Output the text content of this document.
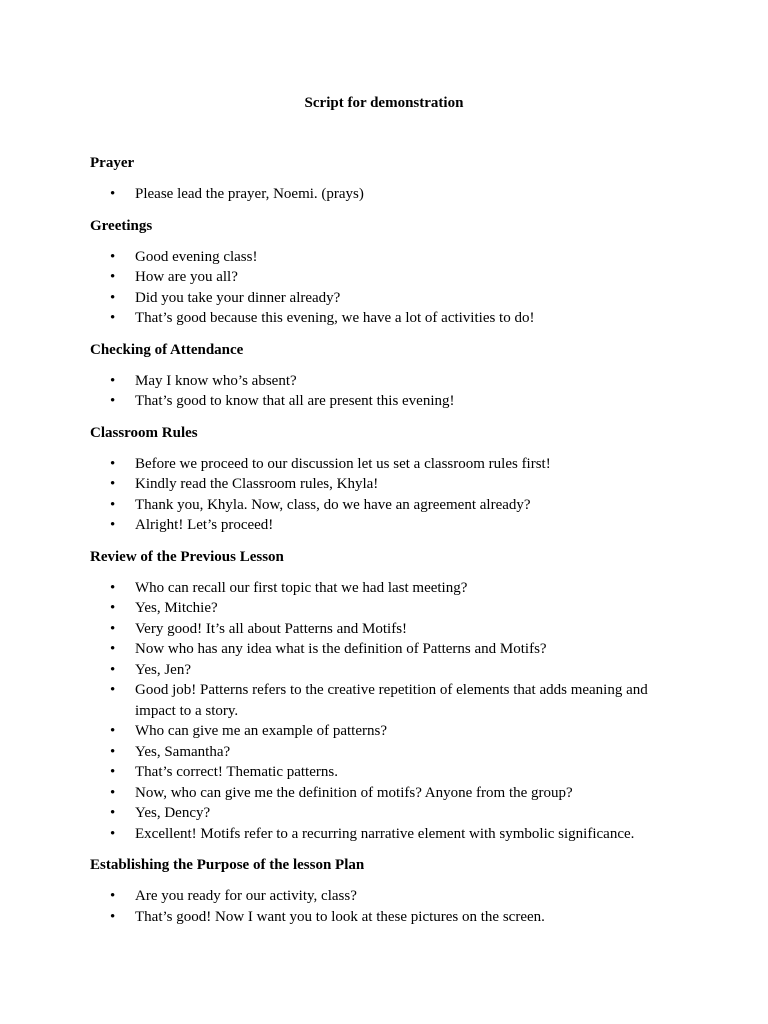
Script for demonstration
Prayer
• Please lead the prayer, Noemi. (prays)
Greetings
• Good evening class!
• How are you all?
• Did you take your dinner already?
• That’s good because this evening, we have a lot of activities to do!
Checking of Attendance
• May I know who’s absent?
• That’s good to know that all are present this evening!
Classroom Rules
• Before we proceed to our discussion let us set a classroom rules first!
• Kindly read the Classroom rules, Khyla!
• Thank you, Khyla. Now, class, do we have an agreement already?
• Alright! Let’s proceed!
Review of the Previous Lesson
• Who can recall our first topic that we had last meeting?
• Yes, Mitchie?
• Very good! It’s all about Patterns and Motifs!
• Now who has any idea what is the definition of Patterns and Motifs?
• Yes, Jen?
• Good job! Patterns refers to the creative repetition of elements that adds meaning and impact to a story.
• Who can give me an example of patterns?
• Yes, Samantha?
• That’s correct! Thematic patterns.
• Now, who can give me the definition of motifs? Anyone from the group?
• Yes, Dency?
• Excellent! Motifs refer to a recurring narrative element with symbolic significance.
Establishing the Purpose of the lesson Plan
• Are you ready for our activity, class?
• That’s good! Now I want you to look at these pictures on the screen.
